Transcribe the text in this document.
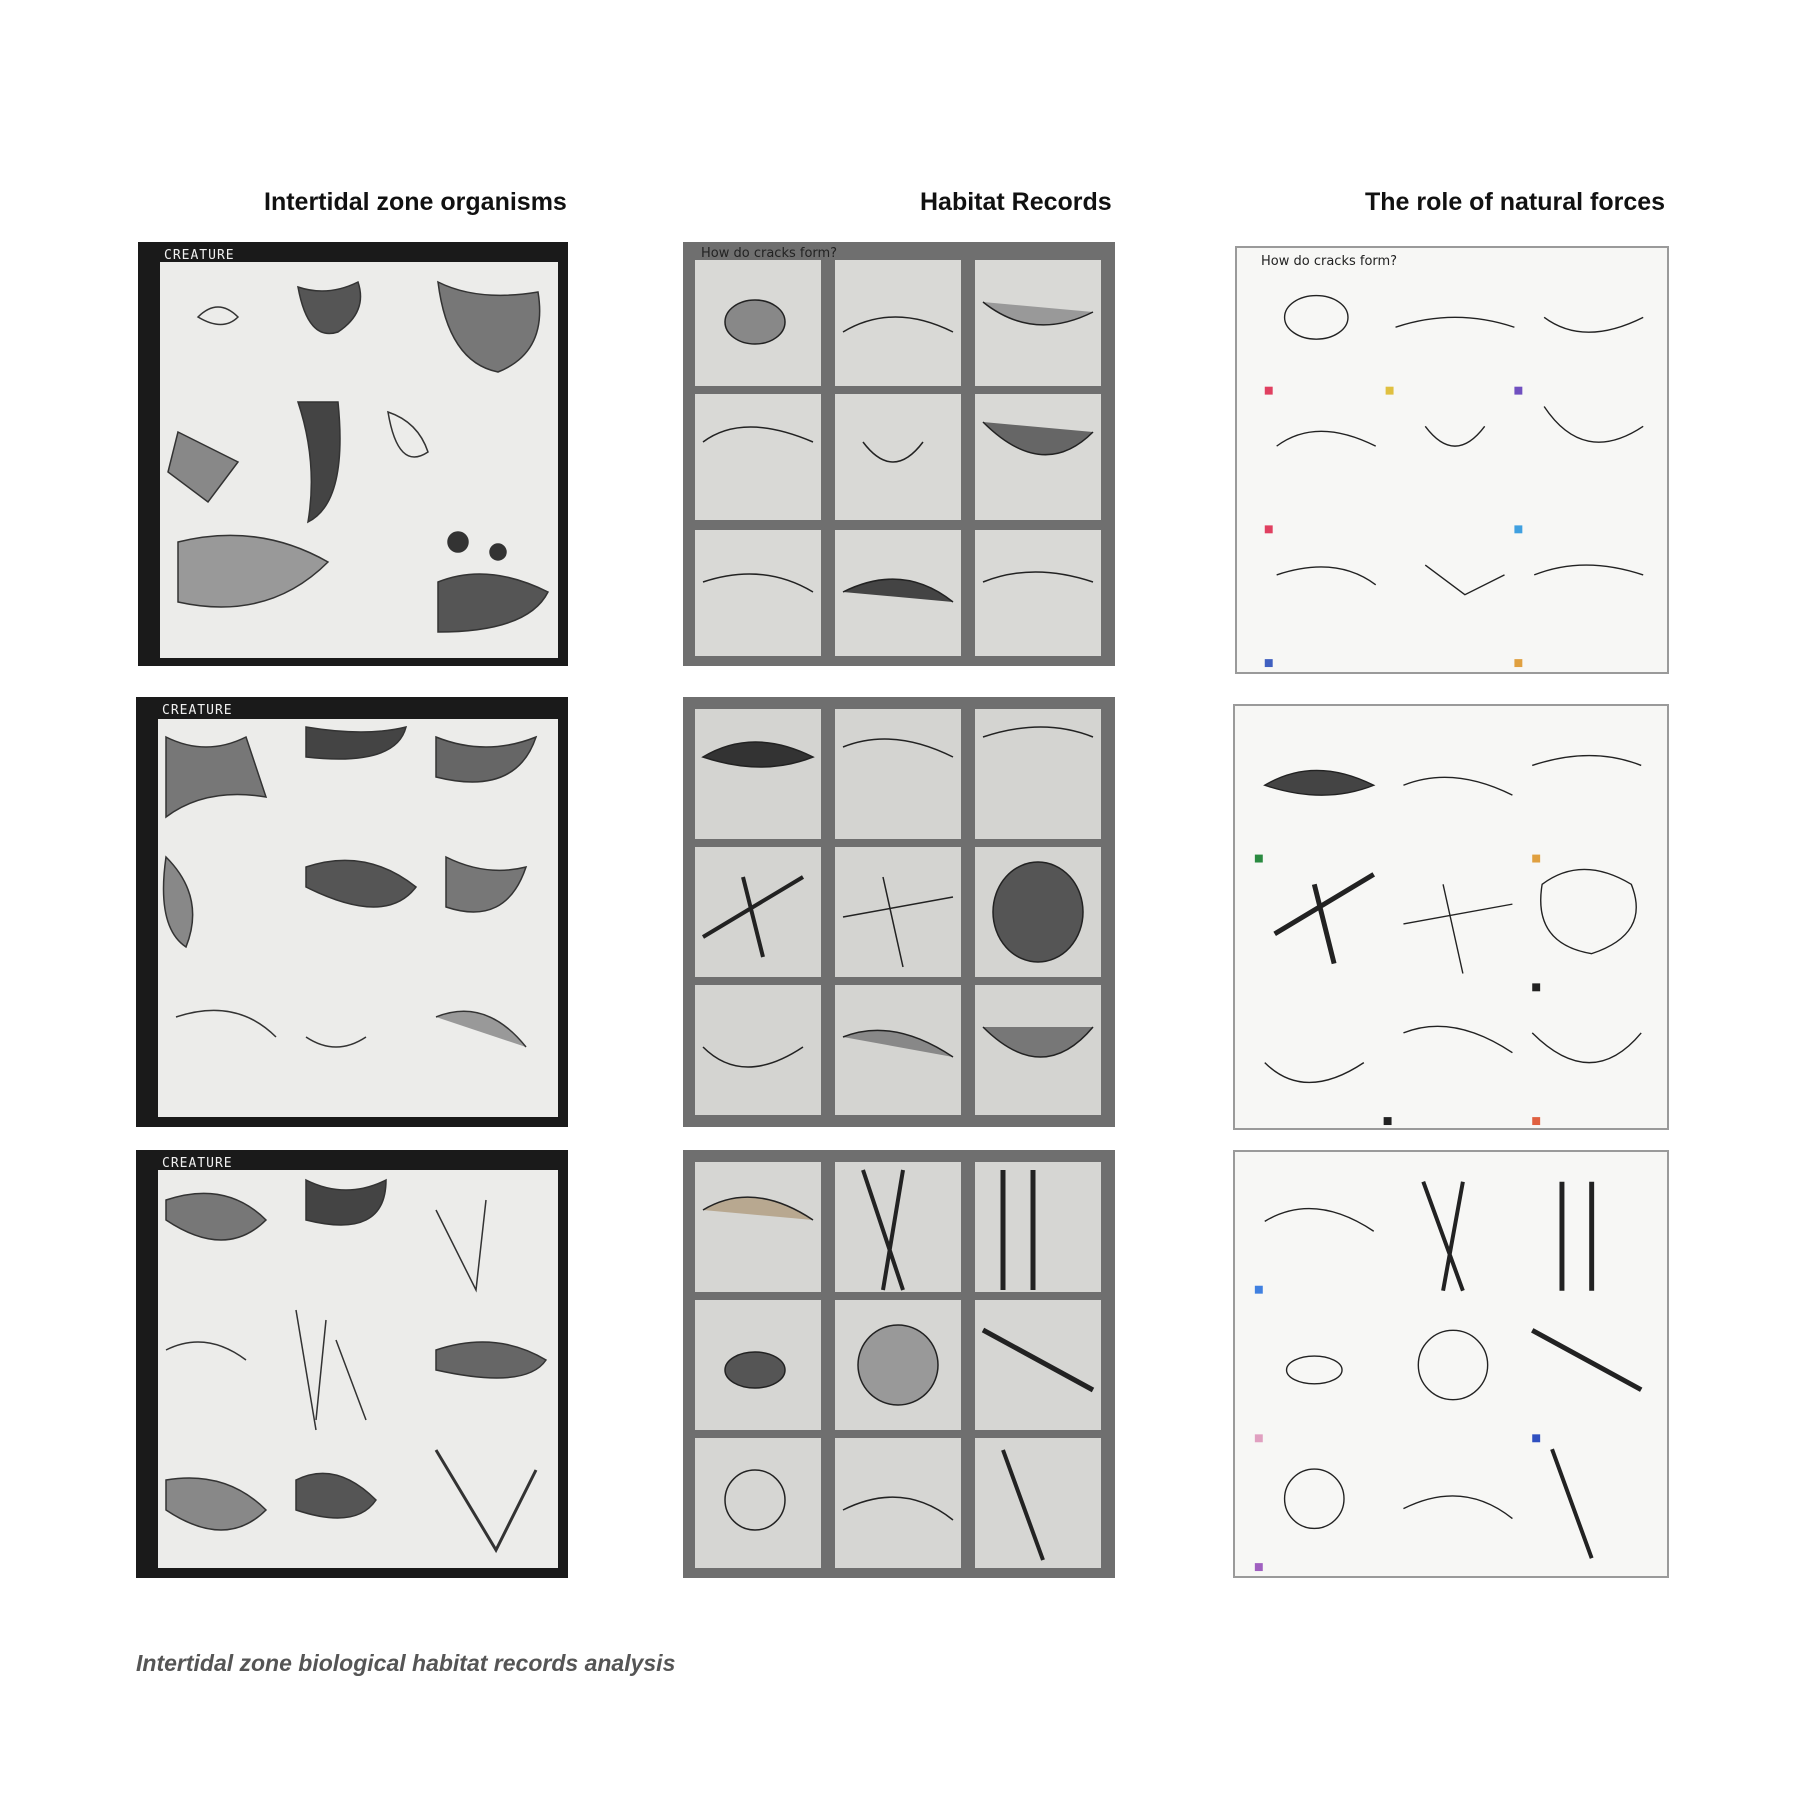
Intertidal zone organisms	Habitat Records	The role of natural forces
CREATURE
CREATURE
CREATURE
How do cracks form?
How do cracks form?
Intertidal zone biological habitat records analysis
